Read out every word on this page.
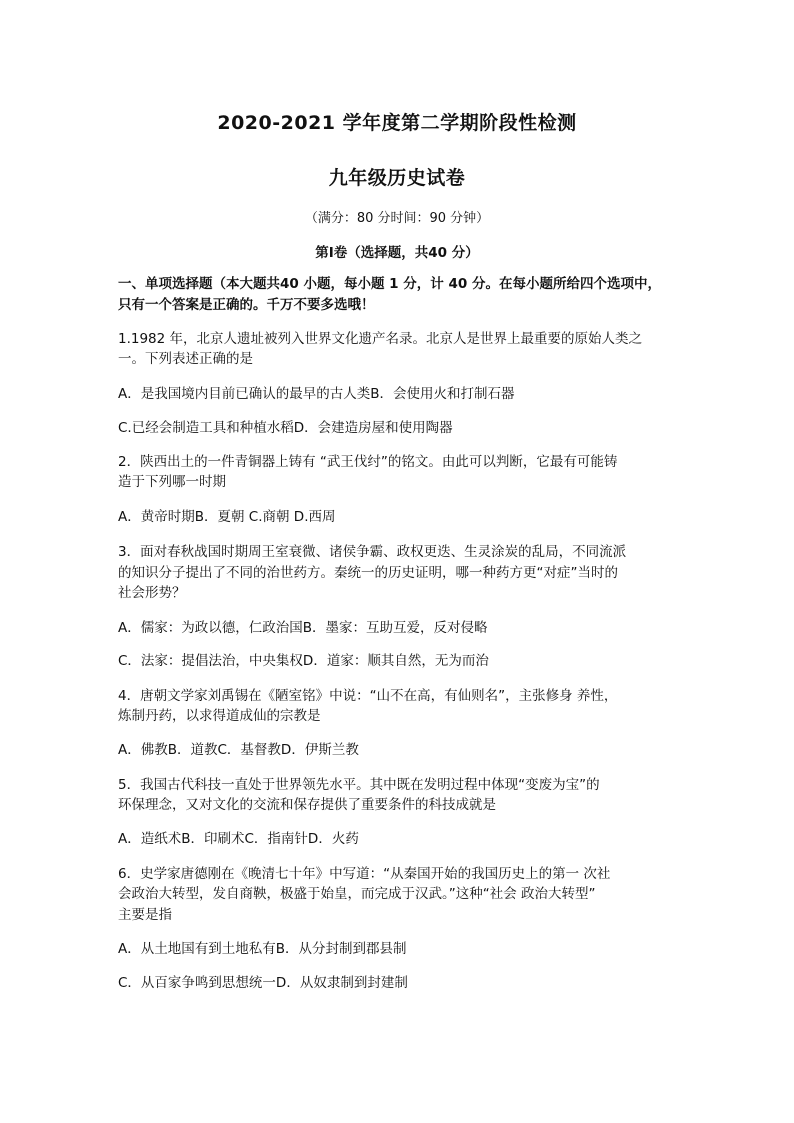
2020-2021 学年度第二学期阶段性检测
九年级历史试卷
（满分：80 分时间：90 分钟）
第Ⅰ卷（选择题，共40 分）
一、单项选择题（本大题共40 小题，每小题 1 分，计 40 分。在每小题所给四个选项中，
只有一个答案是正确的。千万不要多选哦！
1.1982 年，北京人遗址被列入世界文化遗产名录。北京人是世界上最重要的原始人类之
一。下列表述正确的是
A．是我国境内目前已确认的最早的古人类B．会使用火和打制石器
C.已经会制造工具和种植水稻D．会建造房屋和使用陶器
2．陕西出土的一件青铜器上铸有 “武王伐纣”的铭文。由此可以判断，它最有可能铸
造于下列哪一时期
A．黄帝时期B．夏朝 C.商朝 D.西周
3．面对春秋战国时期周王室衰微、诸侯争霸、政权更迭、生灵涂炭的乱局，不同流派
的知识分子提出了不同的治世药方。秦统一的历史证明，哪一种药方更“对症”当时的
社会形势？
A．儒家：为政以德，仁政治国B．墨家：互助互爱，反对侵略
C．法家：提倡法治，中央集权D．道家：顺其自然，无为而治
4．唐朝文学家刘禹锡在《陋室铭》中说：“山不在高，有仙则名”，主张修身 养性，
炼制丹药，以求得道成仙的宗教是
A．佛教B．道教C．基督教D．伊斯兰教
5．我国古代科技一直处于世界领先水平。其中既在发明过程中体现“变废为宝”的
环保理念，又对文化的交流和保存提供了重要条件的科技成就是
A．造纸术B．印刷术C．指南针D．火药
6．史学家唐德刚在《晚清七十年》中写道：“从秦国开始的我国历史上的第一 次社
会政治大转型，发自商鞅，极盛于始皇，而完成于汉武。”这种“社会 政治大转型”
主要是指
A．从土地国有到土地私有B．从分封制到郡县制
C．从百家争鸣到思想统一D．从奴隶制到封建制
